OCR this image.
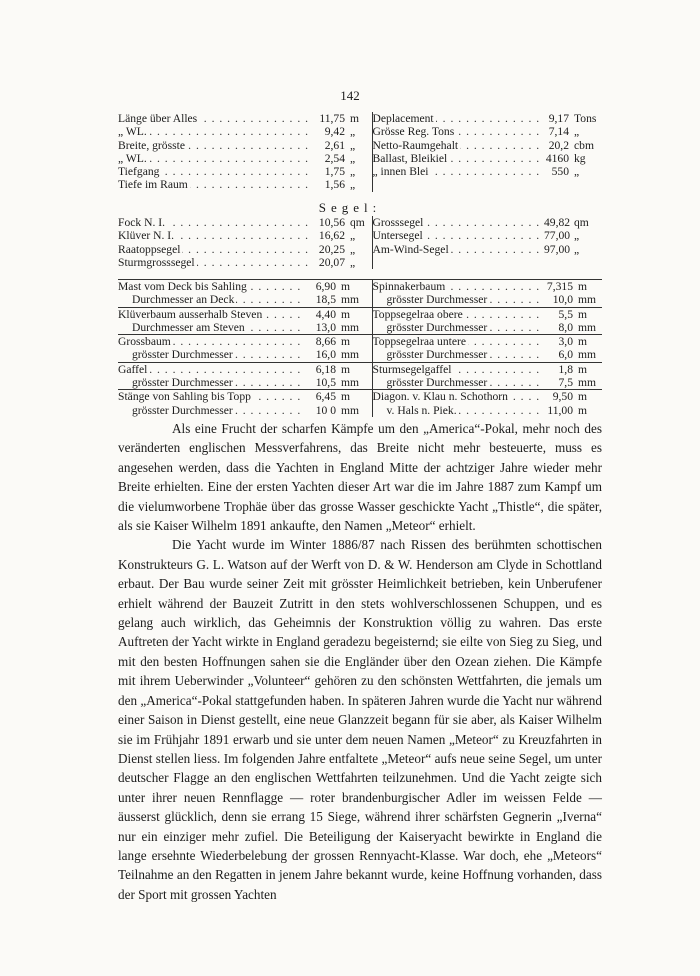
142
Länge über Alles . . .	11,75	m	Deplacement . . .	9,17	Tons
„ WL. . . .	9,42	„	Grösse Reg. Tons . . .	7,14	„
Breite, grösste . . .	2,61	„	Netto-Raumgehalt . . .	20,2	cbm
„ WL. . . .	2,54	„	Ballast, Bleikiel . . .	4160	kg
Tiefgang . . .	1,75	„	„ innen Blei . . .	550	„
Tiefe im Raum . . .	1,56	„			
Segel:
Fock N. I. . . .	10,56	qm	Grosssegel . . .	49,82	qm
Klüver N. I. . . .	16,62	„	Untersegel . . .	77,00	„
Raatoppsegel . . .	20,25	„	Am-Wind-Segel . . .	97,00	„
Sturmgrosssegel . . .	20,07	„			
Mast vom Deck bis Sahling . . .	6,90	m	Spinnakerbaum . . .	7,315	m
Durchmesser an Deck . . .	18,5	mm	grösster Durchmesser . . .	10,0	mm
Klüverbaum ausserhalb Steven . . .	4,40	m	Toppsegelraa obere . . .	5,5	m
Durchmesser am Steven . . .	13,0	mm	grösster Durchmesser . . .	8,0	mm
Grossbaum . . .	8,66	m	Toppsegelraa untere . . .	3,0	m
grösster Durchmesser . . .	16,0	mm	grösster Durchmesser . . .	6,0	mm
Gaffel . . .	6,18	m	Sturmsegelgaffel . . .	1,8	m
grösster Durchmesser . . .	10,5	mm	grösster Durchmesser . . .	7,5	mm
Stänge von Sahling bis Topp . . .	6,45	m	Diagon. v. Klau n. Schothorn . . .	9,50	m
grösster Durchmesser . . .	10 0	mm	v. Hals n. Piek. . . .	11,00	m

Als eine Frucht der scharfen Kämpfe um den „America“-Pokal, mehr noch des veränderten englischen Messverfahrens, das Breite nicht mehr besteuerte, muss es angesehen werden, dass die Yachten in England Mitte der achtziger Jahre wieder mehr Breite erhielten. Eine der ersten Yachten dieser Art war die im Jahre 1887 zum Kampf um die vielumworbene Trophäe über das grosse Wasser geschickte Yacht „Thistle“, die später, als sie Kaiser Wilhelm 1891 ankaufte, den Namen „Meteor“ erhielt.

Die Yacht wurde im Winter 1886/87 nach Rissen des berühmten schottischen Konstrukteurs G. L. Watson auf der Werft von D. & W. Henderson am Clyde in Schottland erbaut. Der Bau wurde seiner Zeit mit grösster Heimlichkeit betrieben, kein Unberufener erhielt während der Bauzeit Zutritt in den stets wohlverschlossenen Schuppen, und es gelang auch wirklich, das Geheimnis der Konstruktion völlig zu wahren. Das erste Auftreten der Yacht wirkte in England geradezu begeisternd; sie eilte von Sieg zu Sieg, und mit den besten Hoffnungen sahen sie die Engländer über den Ozean ziehen. Die Kämpfe mit ihrem Ueberwinder „Volunteer“ gehören zu den schönsten Wettfahrten, die jemals um den „America“-Pokal stattgefunden haben. In späteren Jahren wurde die Yacht nur während einer Saison in Dienst gestellt, eine neue Glanzzeit begann für sie aber, als Kaiser Wilhelm sie im Frühjahr 1891 erwarb und sie unter dem neuen Namen „Meteor“ zu Kreuzfahrten in Dienst stellen liess. Im folgenden Jahre entfaltete „Meteor“ aufs neue seine Segel, um unter deutscher Flagge an den englischen Wettfahrten teilzunehmen. Und die Yacht zeigte sich unter ihrer neuen Rennflagge — roter brandenburgischer Adler im weissen Felde — äusserst glücklich, denn sie errang 15 Siege, während ihrer schärfsten Gegnerin „Iverna“ nur ein einziger mehr zufiel. Die Beteiligung der Kaiseryacht bewirkte in England die lange ersehnte Wiederbelebung der grossen Rennyacht-Klasse. War doch, ehe „Meteors“ Teilnahme an den Regatten in jenem Jahre bekannt wurde, keine Hoffnung vorhanden, dass der Sport mit grossen Yachten
